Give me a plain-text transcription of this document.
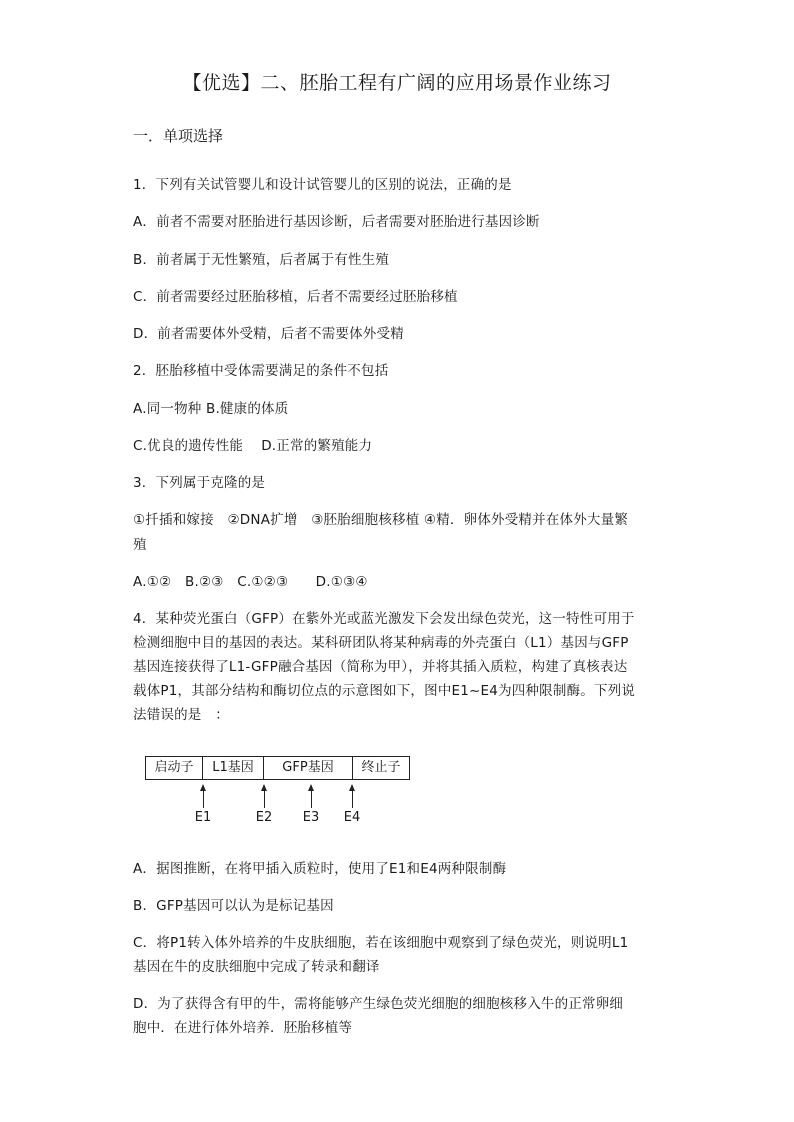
【优选】二、胚胎工程有广阔的应用场景作业练习
一．单项选择
1．下列有关试管婴儿和设计试管婴儿的区别的说法，正确的是
A．前者不需要对胚胎进行基因诊断，后者需要对胚胎进行基因诊断
B．前者属于无性繁殖，后者属于有性生殖
C．前者需要经过胚胎移植，后者不需要经过胚胎移植
D．前者需要体外受精，后者不需要体外受精
2．胚胎移植中受体需要满足的条件不包括
A.同一物种 B.健康的体质
C.优良的遗传性能　 D.正常的繁殖能力
3．下列属于克隆的是
①扦插和嫁接　②DNA扩增　③胚胎细胞核移植 ④精．卵体外受精并在体外大量繁
殖
A.①②　B.②③　C.①②③　　D.①③④
4．某种荧光蛋白（GFP）在紫外光或蓝光激发下会发出绿色荧光，这一特性可用于
检测细胞中目的基因的表达。某科研团队将某种病毒的外壳蛋白（L1）基因与GFP
基因连接获得了L1-GFP融合基因（简称为甲），并将其插入质粒，构建了真核表达
载体P1，其部分结构和酶切位点的示意图如下，图中E1~E4为四种限制酶。下列说
法错误的是　：
启动子	L1基因	GFP基因	终止子
E1	E2	E3	E4
A．据图推断，在将甲插入质粒时，使用了E1和E4两种限制酶
B．GFP基因可以认为是标记基因
C．将P1转入体外培养的牛皮肤细胞，若在该细胞中观察到了绿色荧光，则说明L1
基因在牛的皮肤细胞中完成了转录和翻译
D．为了获得含有甲的牛，需将能够产生绿色荧光细胞的细胞核移入牛的正常卵细
胞中．在进行体外培养．胚胎移植等
